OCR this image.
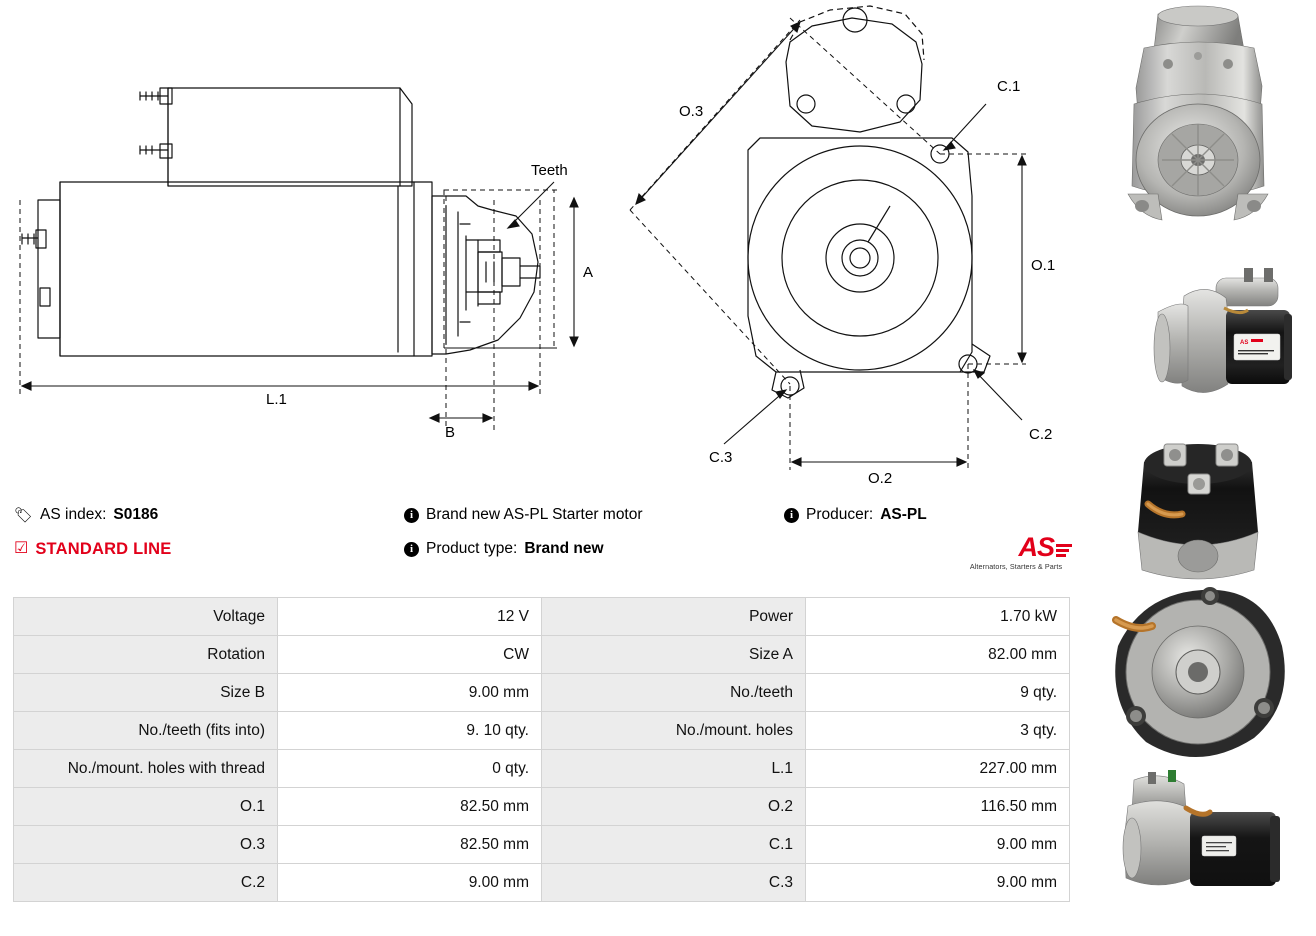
Teeth
A
L.1
B
O.3
O.1
O.2
C.1
C.2
C.3
🏷 AS index: S0186	i Brand new AS-PL Starter motor	i Producer: AS-PL
☑ STANDARD LINE	i Product type: Brand new	AS
Alternators, Starters & Parts
Voltage	12 V	Power	1.70 kW
Rotation	CW	Size A	82.00 mm
Size B	9.00 mm	No./teeth	9 qty.
No./teeth (fits into)	9. 10 qty.	No./mount. holes	3 qty.
No./mount. holes with thread	0 qty.	L.1	227.00 mm
O.1	82.50 mm	O.2	116.50 mm
O.3	82.50 mm	C.1	9.00 mm
C.2	9.00 mm	C.3	9.00 mm
AS
